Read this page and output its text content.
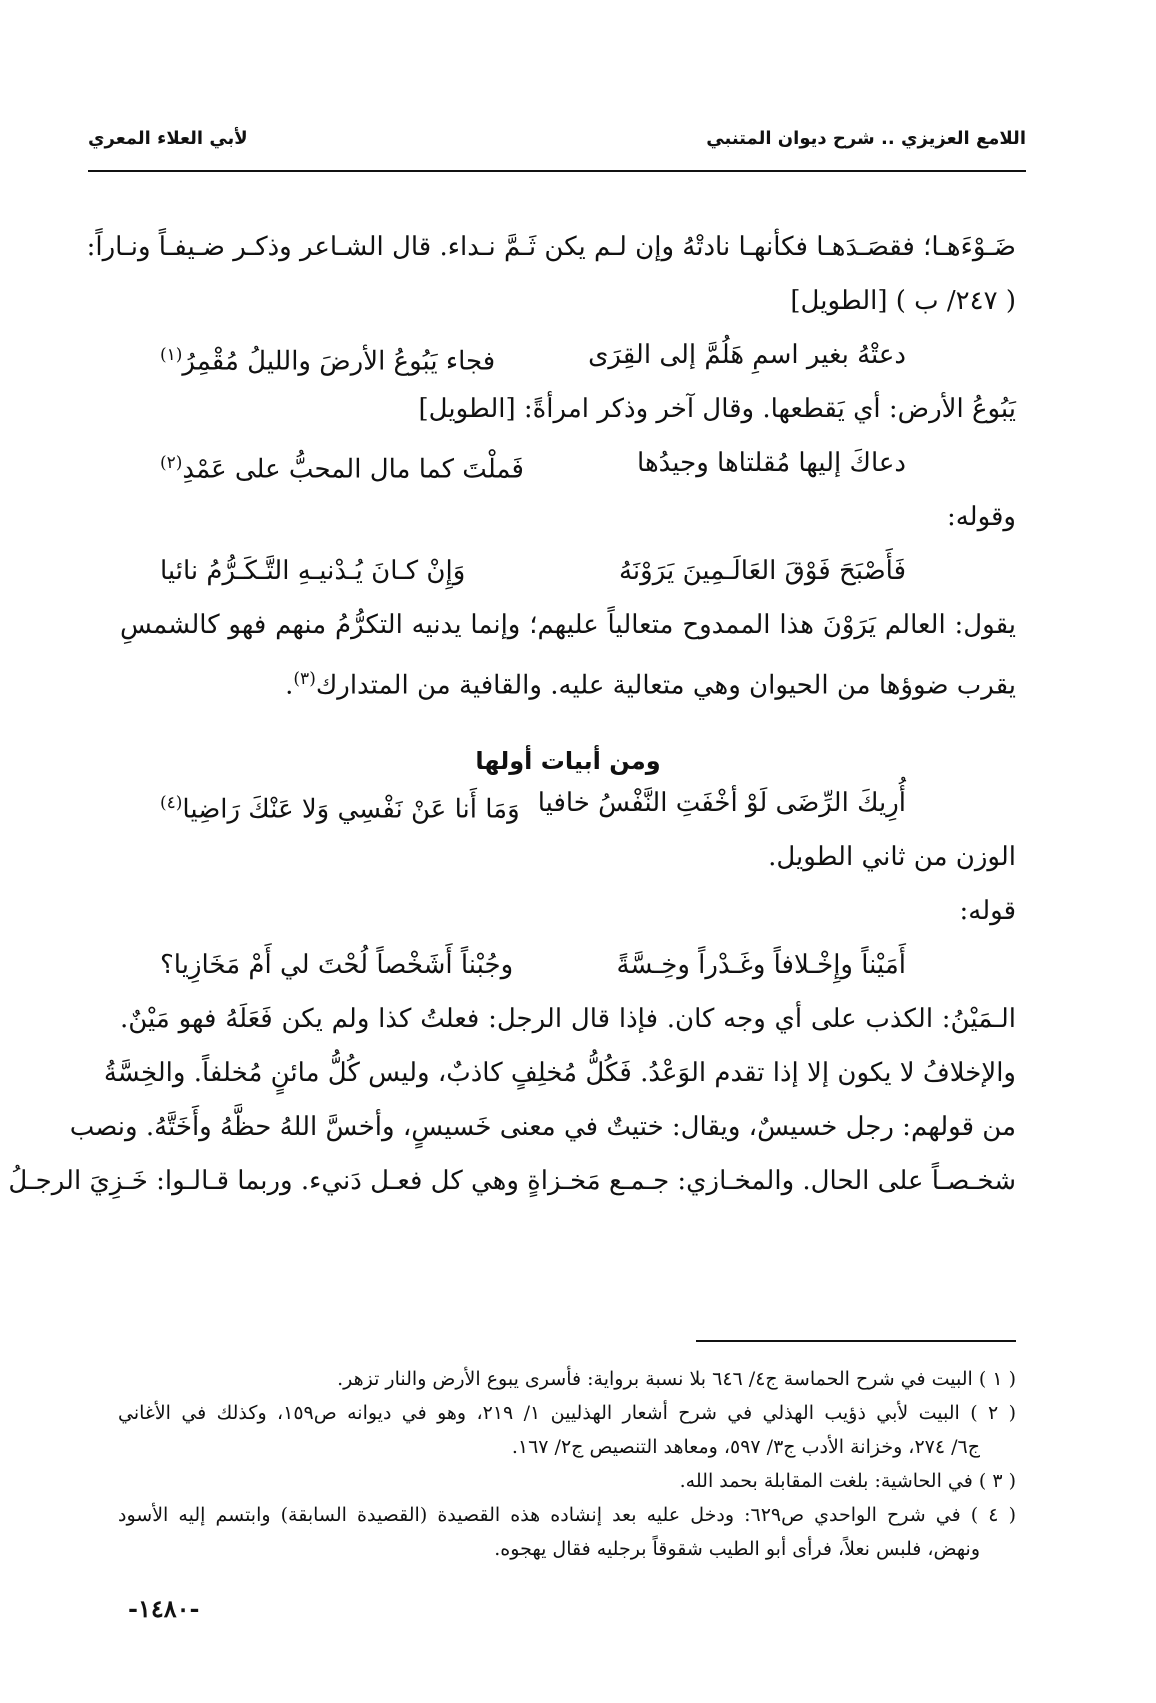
اللامع العزيزي .. شرح ديوان المتنبي
لأبي العلاء المعري
ضَـوْءَهـا؛ فقصَـدَهـا فكأنهـا نادتْهُ وإن لـم يكن ثَـمَّ نـداء. قال الشـاعر وذكـر ضـيفـاً ونـاراً:
( ٢٤٧/ ب ) [الطويل]
دعتْهُ بغير اسمِ هَلُمَّ إلى القِرَى
فجاء يَبُوعُ الأرضَ والليلُ مُقْمِرُ$^{(١)}$
يَبُوعُ الأرض: أي يَقطعها. وقال آخر وذكر امرأةً: [الطويل]
دعاكَ إليها مُقلتاها وجيدُها
فَملْتَ كما مال المحبُّ على عَمْدِ$^{(٢)}$
وقوله:
فَأَصْبَحَ فَوْقَ العَالَـمِينَ يَرَوْنَهُ
وَإِنْ كـانَ يُـدْنيـهِ التَّـكَـرُّمُ نائيا
يقول: العالم يَرَوْنَ هذا الممدوح متعالياً عليهم؛ وإنما يدنيه التكرُّمُ منهم فهو كالشمسِ
يقرب ضوؤها من الحيوان وهي متعالية عليه. والقافية من المتدارك$^{(٣)}$.
ومن أبيات أولها
أُرِيكَ الرِّضَى لَوْ أخْفَتِ النَّفْسُ خافيا
وَمَا أَنا عَنْ نَفْسِي وَلا عَنْكَ رَاضِيا$^{(٤)}$
الوزن من ثاني الطويل.
قوله:
أَمَيْناً وإِخْـلافاً وغَـدْراً وخِـسَّةً
وجُبْناً أَشَخْصاً لُحْتَ لي أَمْ مَخَازِيا؟
الـمَيْنُ: الكذب على أي وجه كان. فإذا قال الرجل: فعلتُ كذا ولم يكن فَعَلَهُ فهو مَيْنٌ.
والإخلافُ لا يكون إلا إذا تقدم الوَعْدُ. فَكُلُّ مُخلِفٍ كاذبٌ، وليس كُلُّ مائنٍ مُخلفاً. والخِسَّةُ
من قولهم: رجل خسيسٌ، ويقال: ختيتٌ في معنى خَسيسٍ، وأخسَّ اللهُ حظَّهُ وأَخَتَّهُ. ونصب
شخـصـاً على الحال. والمخـازي: جـمـع مَخـزاةٍ وهي كل فعـل دَنيء. وربما قـالـوا: خَـزِيَ الرجـلُ
( ١ ) البيت في شرح الحماسة ج٤/ ٦٤٦ بلا نسبة برواية: فأسرى يبوع الأرض والنار تزهر.
( ٢ ) البيت لأبي ذؤيب الهذلي في شرح أشعار الهذليين ١/ ٢١٩، وهو في ديوانه ص١٥٩، وكذلك في الأغاني
ج٦/ ٢٧٤، وخزانة الأدب ج٣/ ٥٩٧، ومعاهد التنصيص ج٢/ ١٦٧.
( ٣ ) في الحاشية: بلغت المقابلة بحمد الله.
( ٤ ) في شرح الواحدي ص٦٢٩: ودخل عليه بعد إنشاده هذه القصيدة (القصيدة السابقة) وابتسم إليه الأسود
ونهض، فلبس نعلاً، فرأى أبو الطيب شقوقاً برجليه فقال يهجوه.
-١٤٨٠-
